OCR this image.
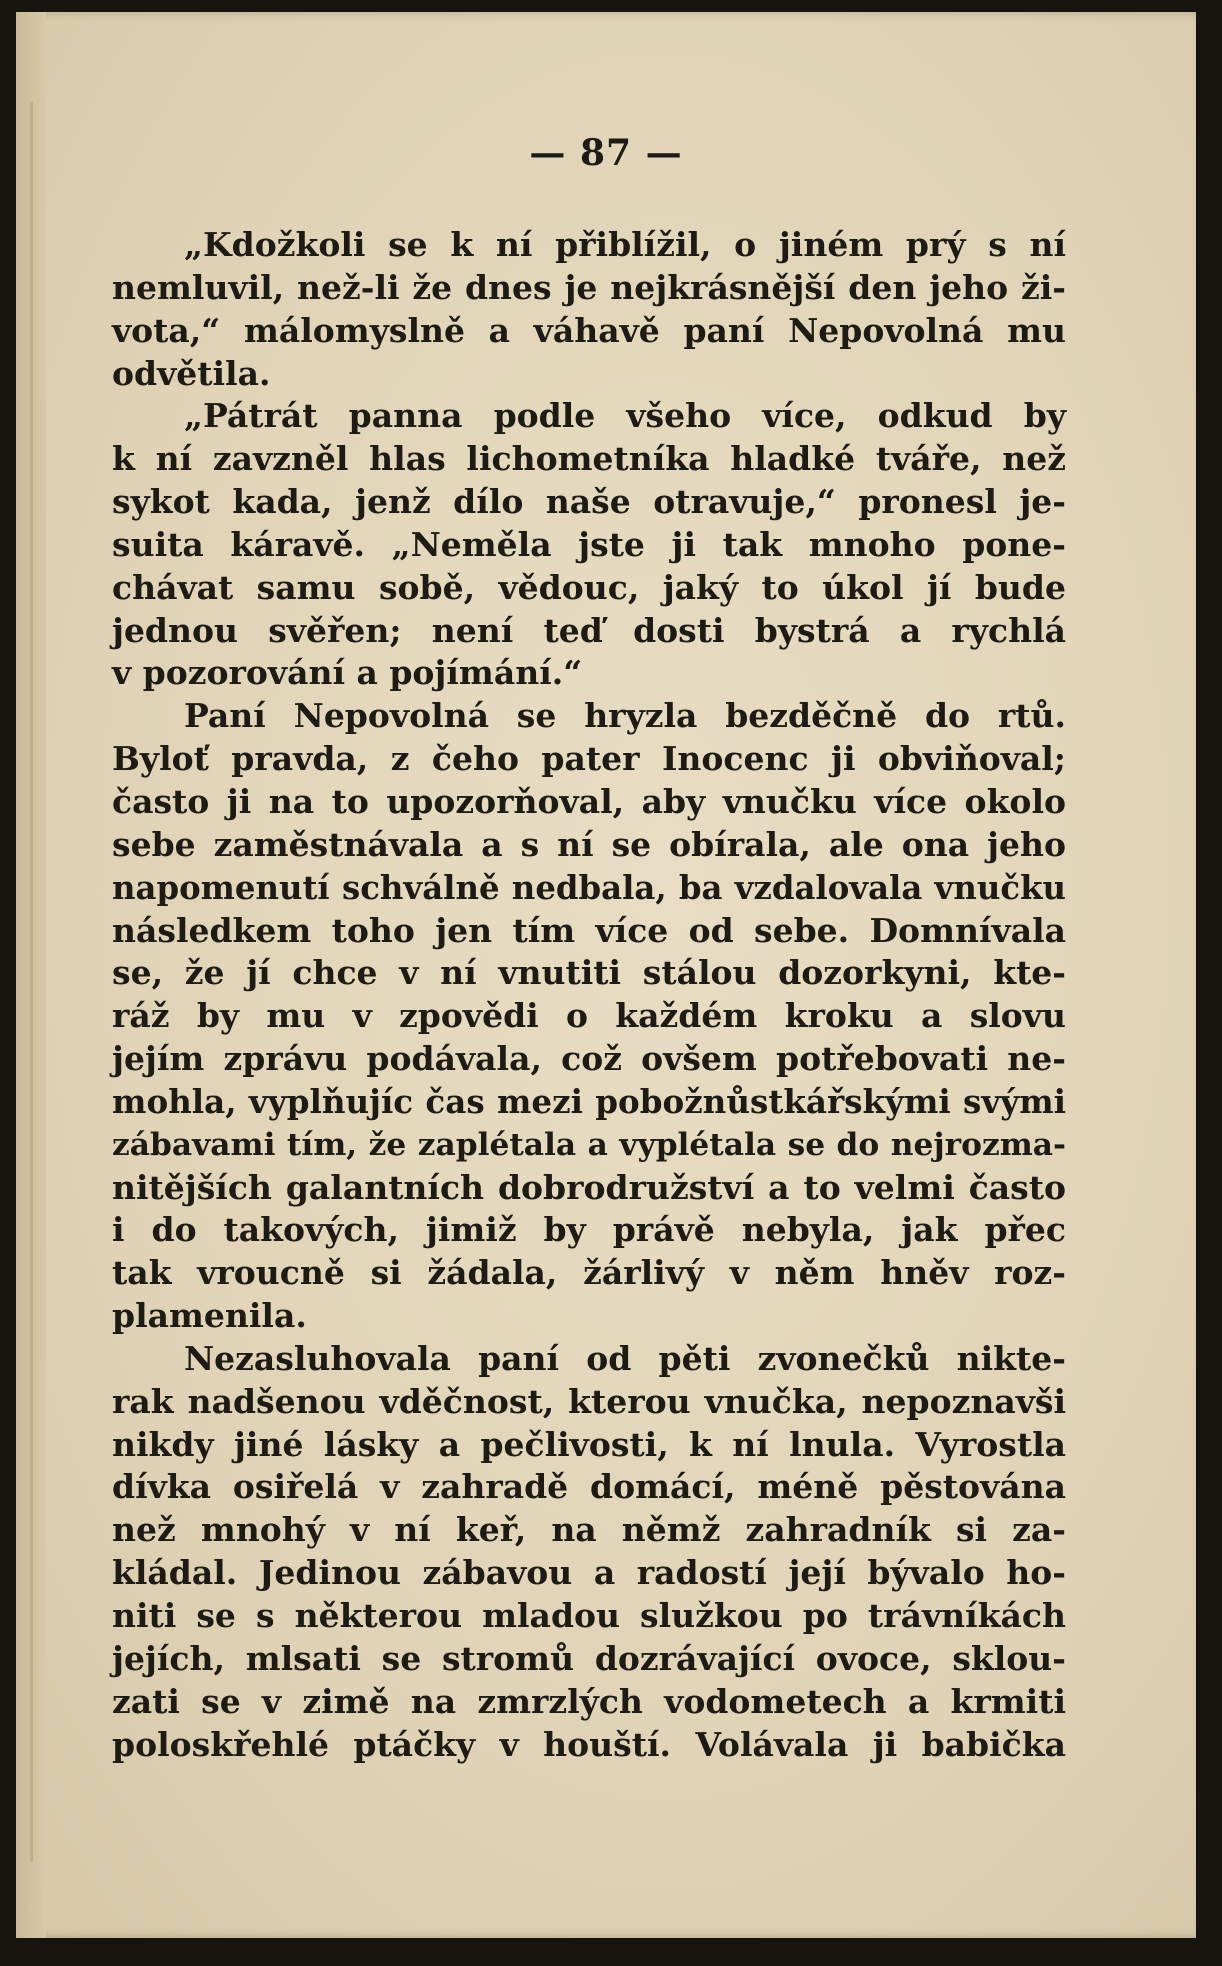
— 87 —
„Kdožkoli se k ní přiblížil, o jiném prý s ní
nemluvil, než-li že dnes je nejkrásnější den jeho ži-
vota,“ málomyslně a váhavě paní Nepovolná mu
odvětila.
„Pátrát panna podle všeho více, odkud by
k ní zavzněl hlas lichometníka hladké tváře, než
sykot kada, jenž dílo naše otravuje,“ pronesl je-
suita káravě. „Neměla jste ji tak mnoho pone-
chávat samu sobě, vědouc, jaký to úkol jí bude
jednou svěřen; není teď dosti bystrá a rychlá
v pozorování a pojímání.“
Paní Nepovolná se hryzla bezděčně do rtů.
Byloť pravda, z čeho pater Inocenc ji obviňoval;
často ji na to upozorňoval, aby vnučku více okolo
sebe zaměstnávala a s ní se obírala, ale ona jeho
napomenutí schválně nedbala, ba vzdalovala vnučku
následkem toho jen tím více od sebe. Domnívala
se, že jí chce v ní vnutiti stálou dozorkyni, kte-
ráž by mu v zpovědi o každém kroku a slovu
jejím zprávu podávala, což ovšem potřebovati ne-
mohla, vyplňujíc čas mezi pobožnůstkářskými svými
zábavami tím, že zaplétala a vyplétala se do nejrozma-
nitějších galantních dobrodružství a to velmi často
i do takových, jimiž by právě nebyla, jak přec
tak vroucně si žádala, žárlivý v něm hněv roz-
plamenila.
Nezasluhovala paní od pěti zvonečků nikte-
rak nadšenou vděčnost, kterou vnučka, nepoznavši
nikdy jiné lásky a pečlivosti, k ní lnula. Vyrostla
dívka osiřelá v zahradě domácí, méně pěstována
než mnohý v ní keř, na němž zahradník si za-
kládal. Jedinou zábavou a radostí její bývalo ho-
niti se s některou mladou služkou po trávníkách
jejích, mlsati se stromů dozrávající ovoce, sklou-
zati se v zimě na zmrzlých vodometech a krmiti
poloskřehlé ptáčky v houští. Volávala ji babička
